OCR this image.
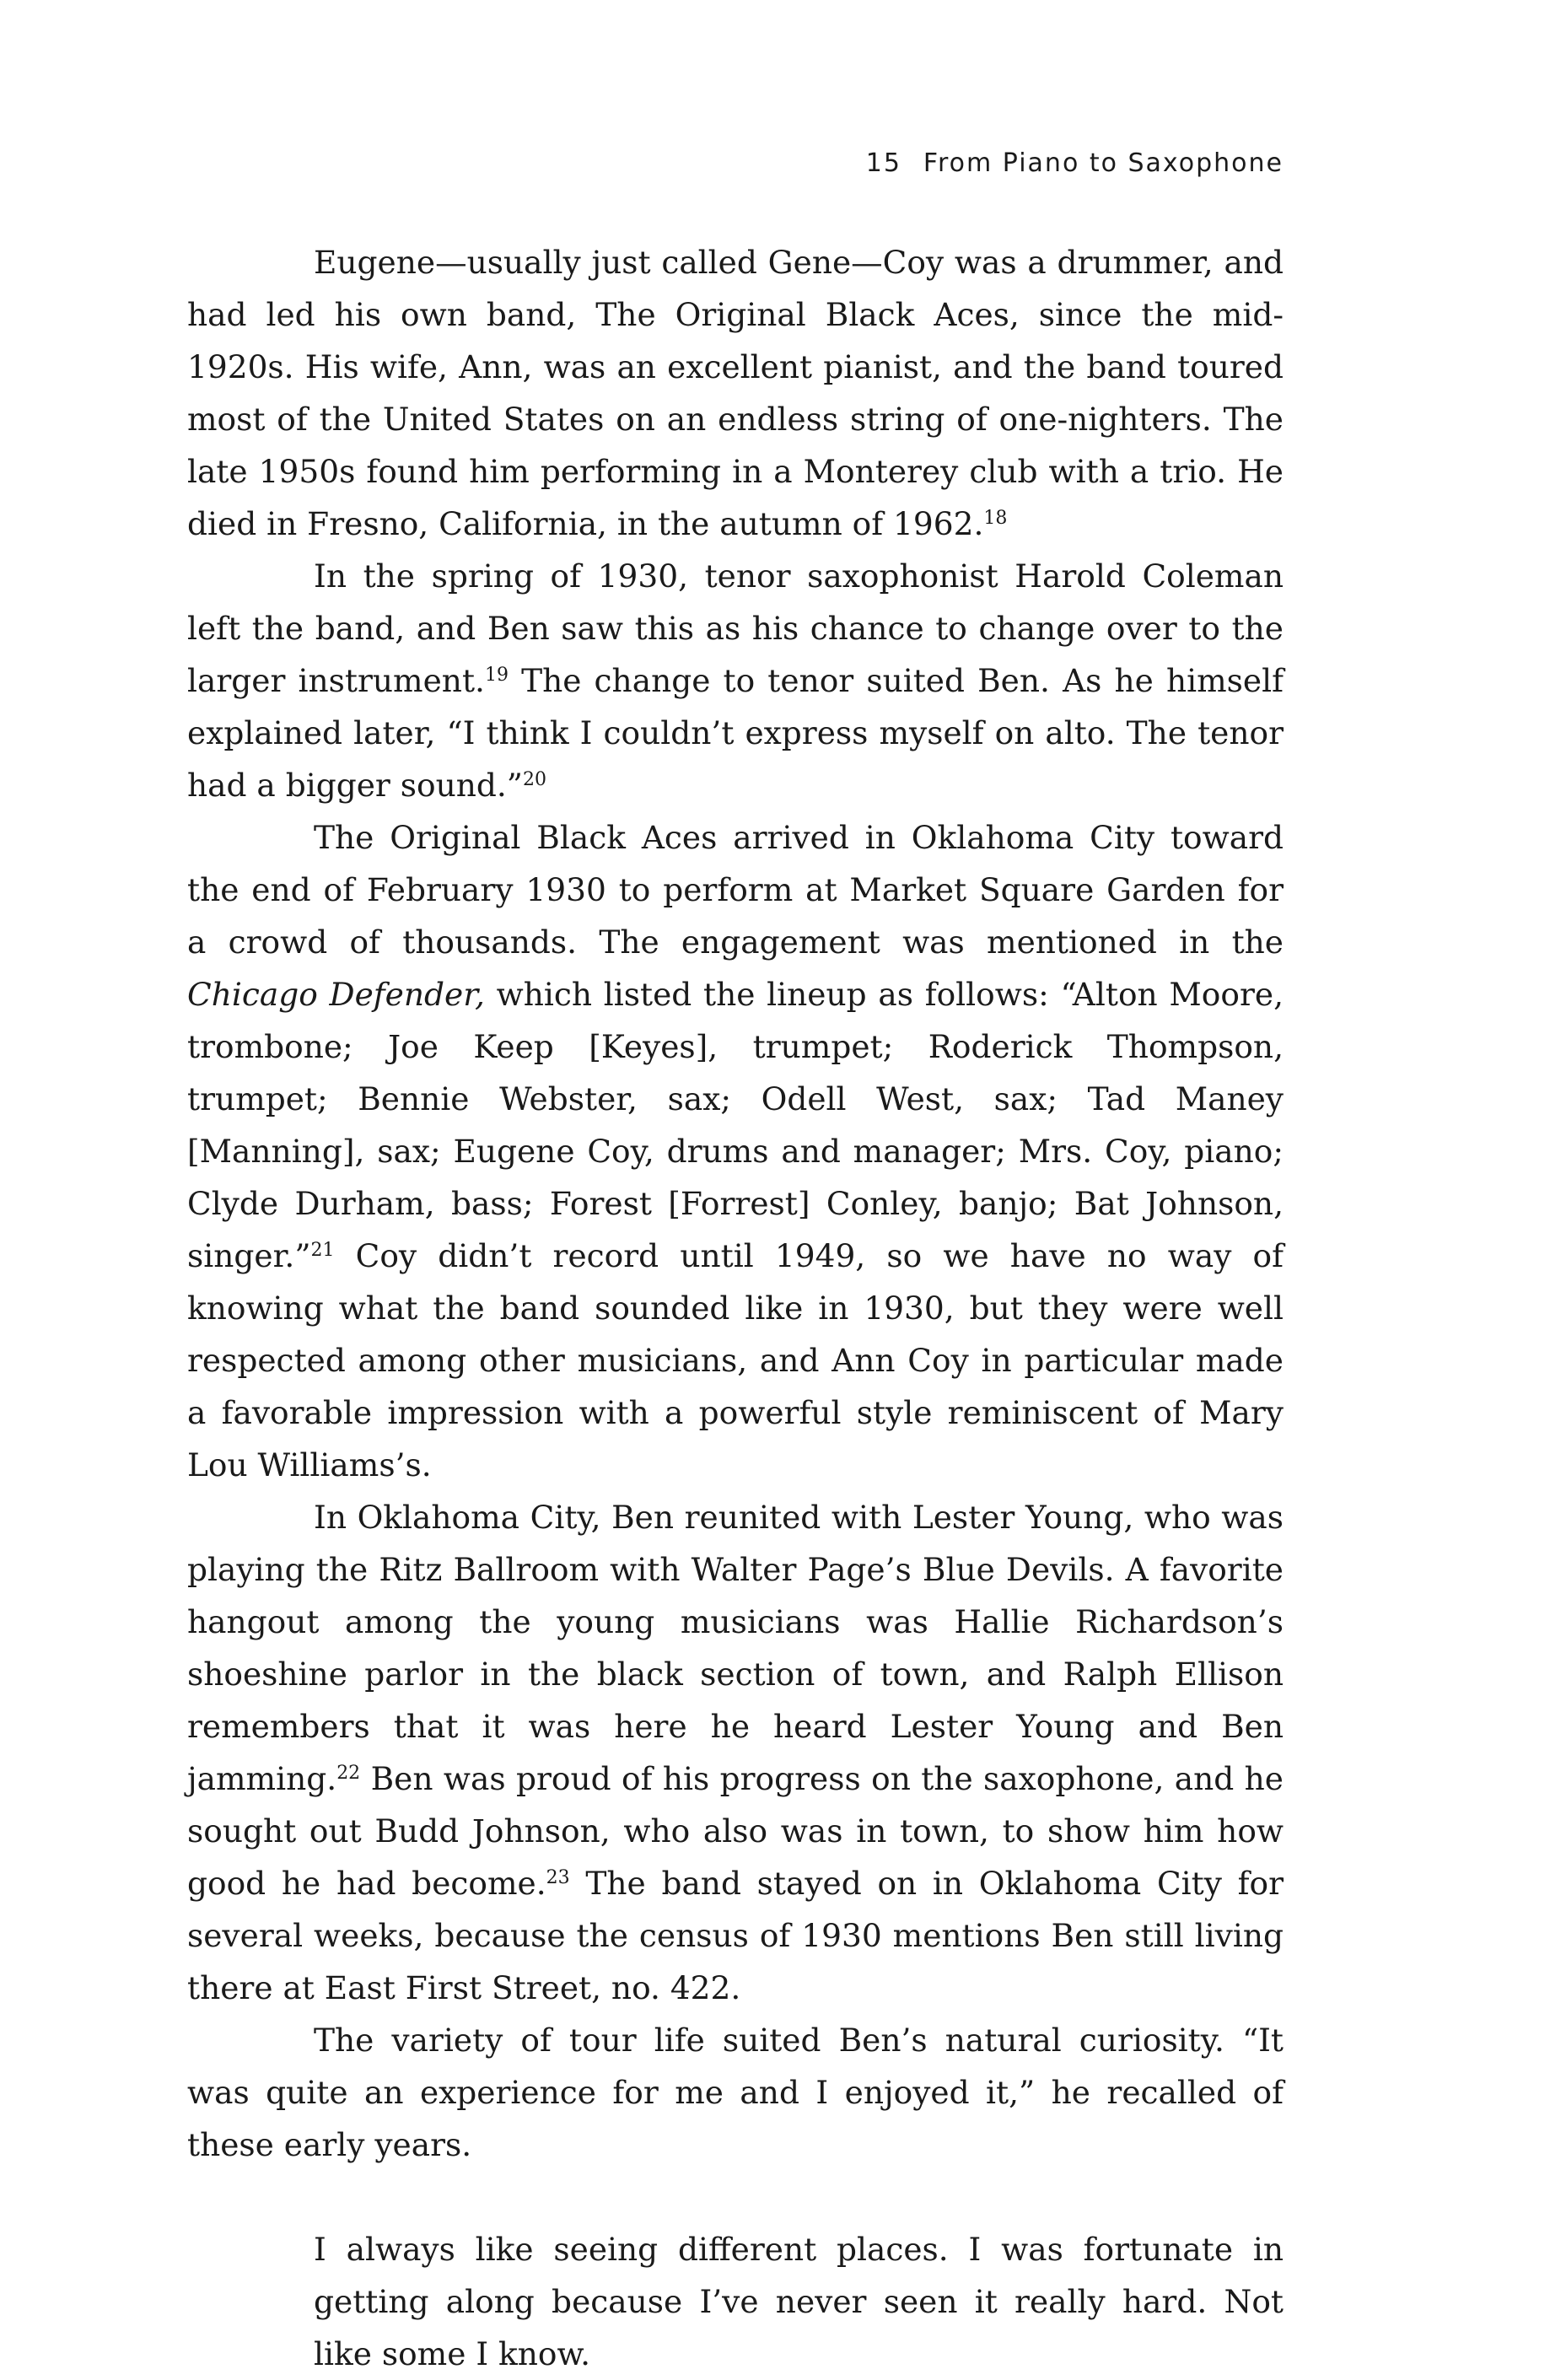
15 From Piano to Saxophone

Eugene—usually just called Gene—Coy was a drummer, and had led his own band, The Original Black Aces, since the mid-1920s. His wife, Ann, was an excellent pianist, and the band toured most of the United States on an endless string of one-nighters. The late 1950s found him performing in a Monterey club with a trio. He died in Fresno, California, in the autumn of 1962.18

In the spring of 1930, tenor saxophonist Harold Coleman left the band, and Ben saw this as his chance to change over to the larger instrument.$^{19}$ The change to tenor suited Ben. As he himself explained later, “I think I couldn’t express myself on alto. The tenor had a bigger sound.”$^{20}$

The Original Black Aces arrived in Oklahoma City toward the end of February 1930 to perform at Market Square Garden for a crowd of thousands. The engagement was mentioned in the Chicago Defender, which listed the lineup as follows: “Alton Moore, trombone; Joe Keep [Keyes], trumpet; Roderick Thompson, trumpet; Bennie Webster, sax; Odell West, sax; Tad Maney [Manning], sax; Eugene Coy, drums and manager; Mrs. Coy, piano; Clyde Durham, bass; Forest [Forrest] Conley, banjo; Bat Johnson, singer.”$^{21}$ Coy didn’t record until 1949, so we have no way of knowing what the band sounded like in 1930, but they were well respected among other musicians, and Ann Coy in particular made a favorable impression with a powerful style reminiscent of Mary Lou Williams’s.

In Oklahoma City, Ben reunited with Lester Young, who was playing the Ritz Ballroom with Walter Page’s Blue Devils. A favorite hangout among the young musicians was Hallie Richardson’s shoeshine parlor in the black section of town, and Ralph Ellison remembers that it was here he heard Lester Young and Ben jamming.$^{22}$ Ben was proud of his progress on the saxophone, and he sought out Budd Johnson, who also was in town, to show him how good he had become.$^{23}$ The band stayed on in Oklahoma City for several weeks, because the census of 1930 mentions Ben still living there at East First Street, no. 422.

The variety of tour life suited Ben’s natural curiosity. “It was quite an experience for me and I enjoyed it,” he recalled of these early years.

I always like seeing different places. I was fortunate in getting along because I’ve never seen it really hard. Not like some I know.
